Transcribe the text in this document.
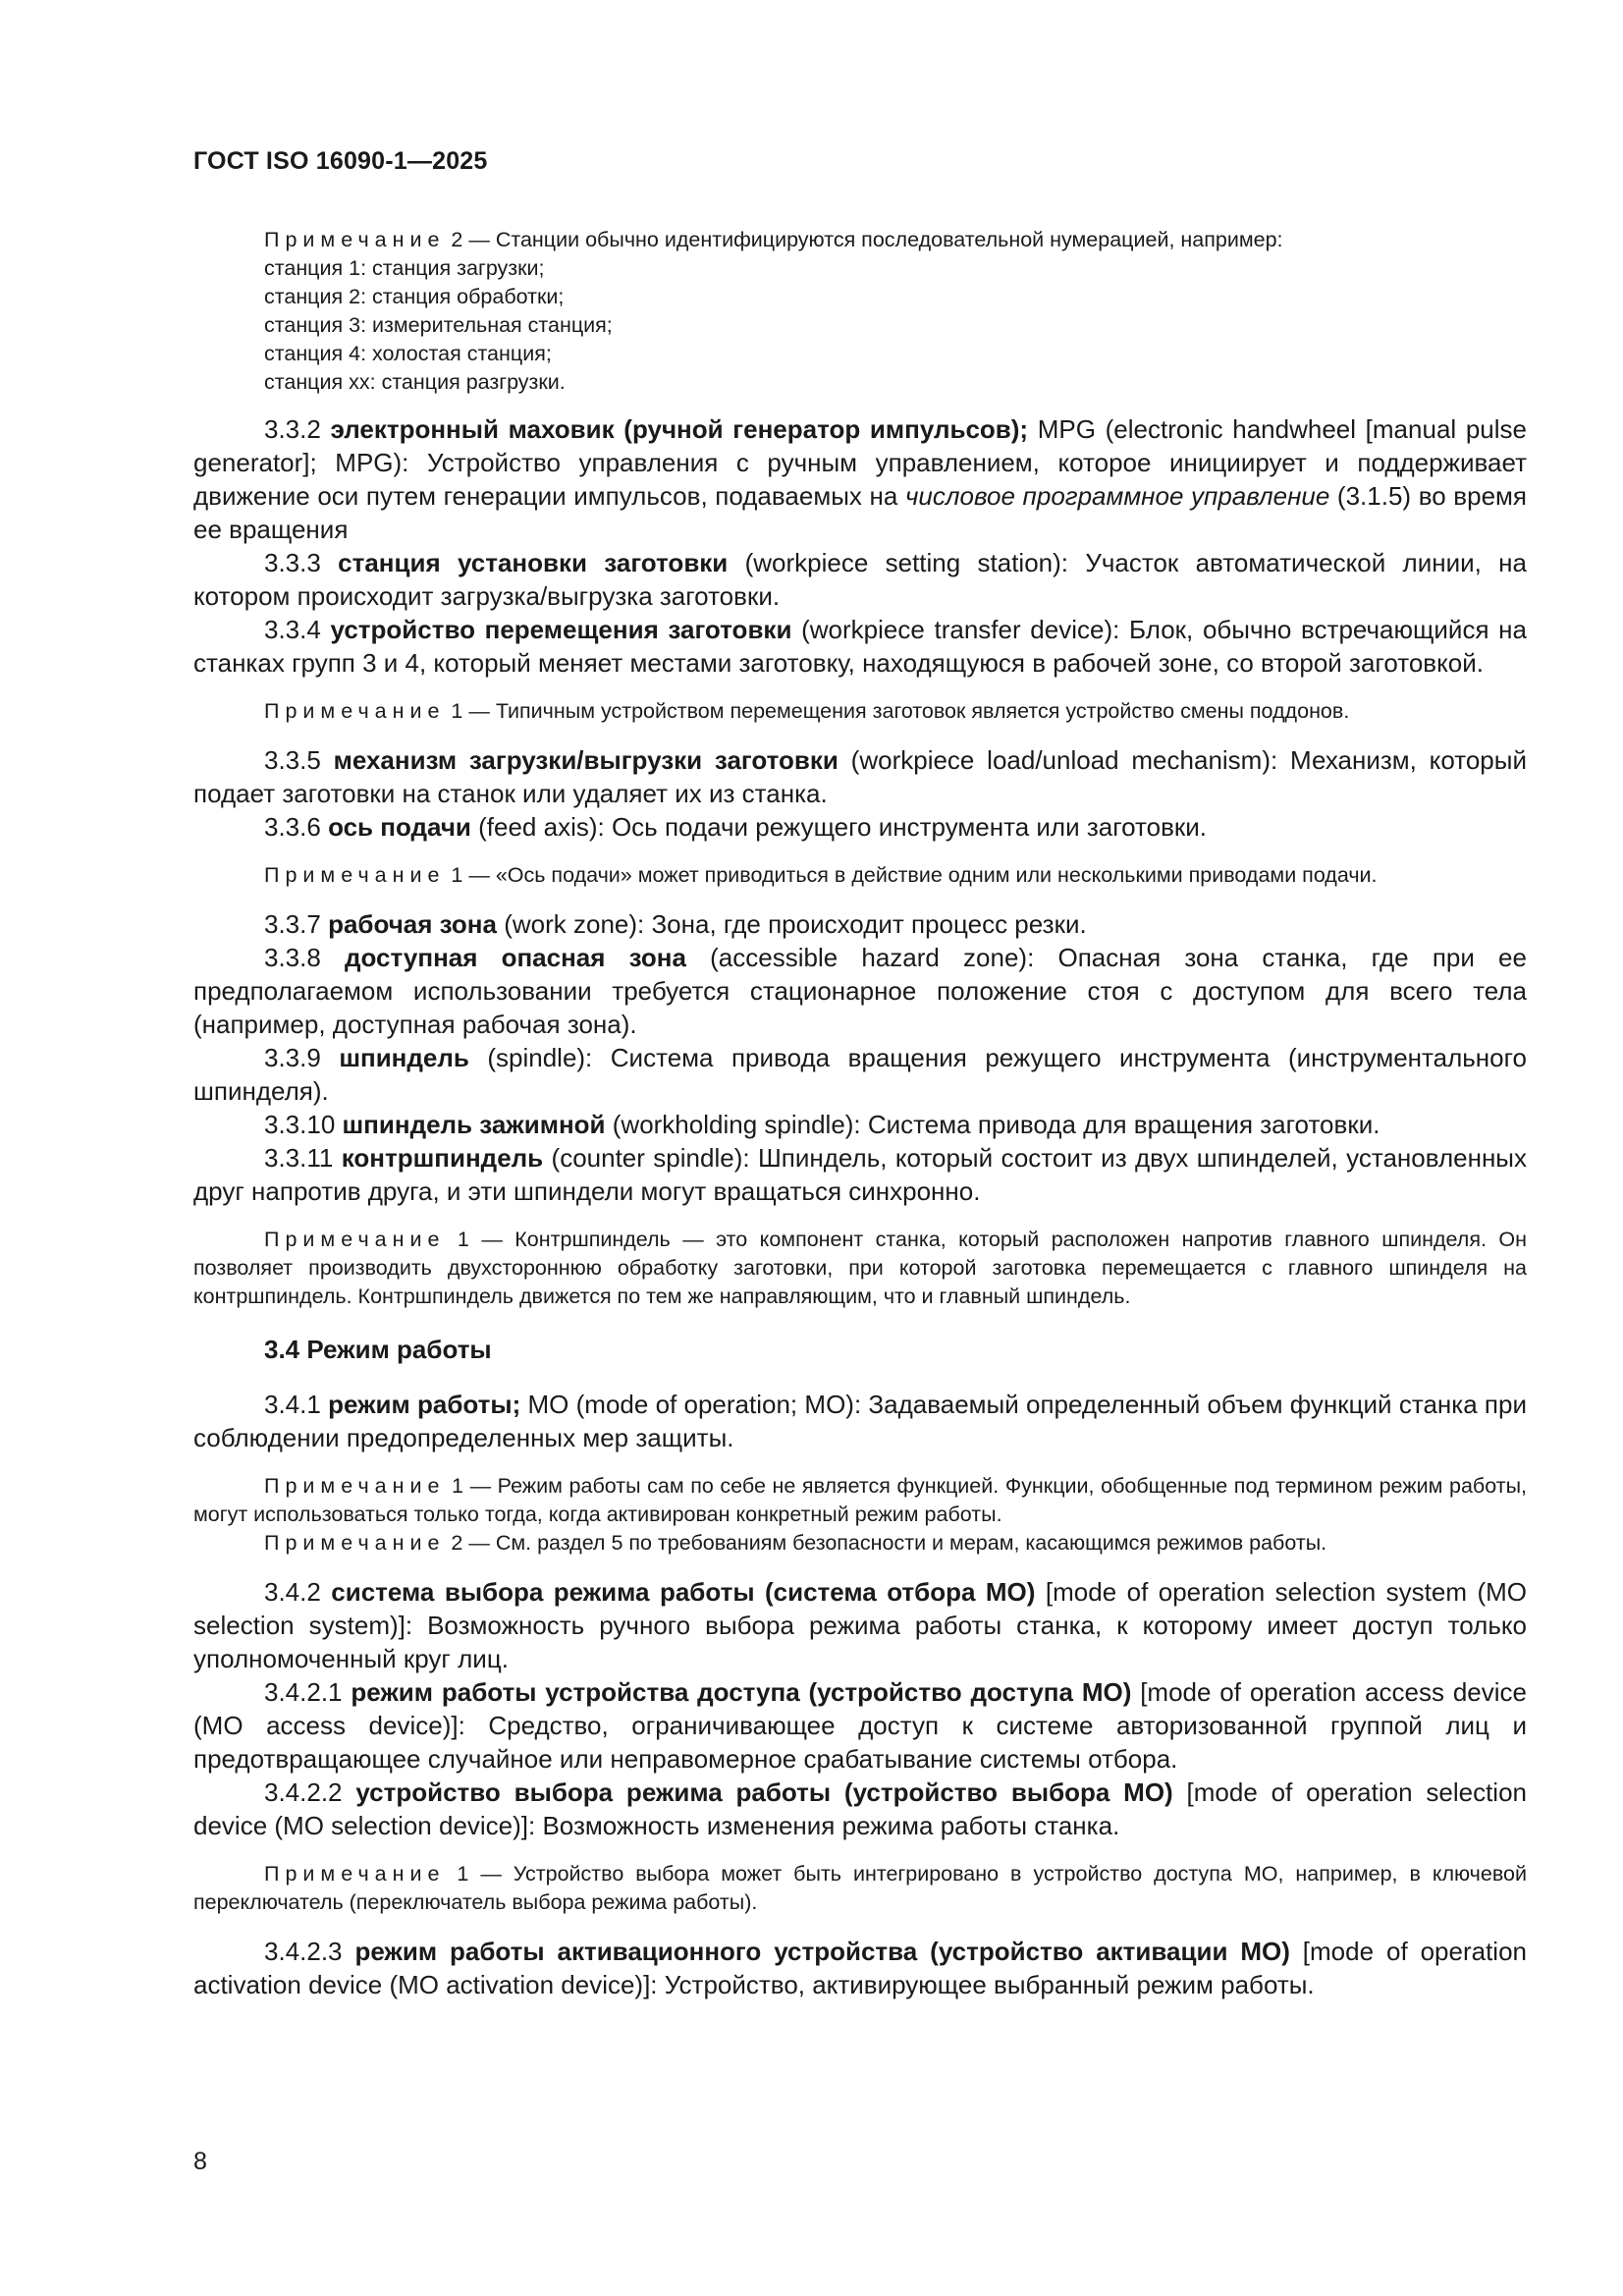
ГОСТ ISO 16090-1—2025
Примечание 2 — Станции обычно идентифицируются последовательной нумерацией, например:
станция 1: станция загрузки;
станция 2: станция обработки;
станция 3: измерительная станция;
станция 4: холостая станция;
станция хх: станция разгрузки.

3.3.2 электронный маховик (ручной генератор импульсов); MPG (electronic handwheel [manual pulse generator]; MPG): Устройство управления с ручным управлением, которое инициирует и поддерживает движение оси путем генерации импульсов, подаваемых на числовое программное управление (3.1.5) во время ее вращения

3.3.3 станция установки заготовки (workpiece setting station): Участок автоматической линии, на котором происходит загрузка/выгрузка заготовки.

3.3.4 устройство перемещения заготовки (workpiece transfer device): Блок, обычно встречающийся на станках групп 3 и 4, который меняет местами заготовку, находящуюся в рабочей зоне, со второй заготовкой.

Примечание 1 — Типичным устройством перемещения заготовок является устройство смены поддонов.

3.3.5 механизм загрузки/выгрузки заготовки (workpiece load/unload mechanism): Механизм, который подает заготовки на станок или удаляет их из станка.

3.3.6 ось подачи (feed axis): Ось подачи режущего инструмента или заготовки.

Примечание 1 — «Ось подачи» может приводиться в действие одним или несколькими приводами подачи.

3.3.7 рабочая зона (work zone): Зона, где происходит процесс резки.

3.3.8 доступная опасная зона (accessible hazard zone): Опасная зона станка, где при ее предполагаемом использовании требуется стационарное положение стоя с доступом для всего тела (например, доступная рабочая зона).

3.3.9 шпиндель (spindle): Система привода вращения режущего инструмента (инструментального шпинделя).

3.3.10 шпиндель зажимной (workholding spindle): Система привода для вращения заготовки.

3.3.11 контршпиндель (counter spindle): Шпиндель, который состоит из двух шпинделей, установленных друг напротив друга, и эти шпиндели могут вращаться синхронно.

Примечание 1 — Контршпиндель — это компонент станка, который расположен напротив главного шпинделя. Он позволяет производить двухстороннюю обработку заготовки, при которой заготовка перемещается с главного шпинделя на контршпиндель. Контршпиндель движется по тем же направляющим, что и главный шпиндель.

3.4 Режим работы

3.4.1 режим работы; МО (mode of operation; МО): Задаваемый определенный объем функций станка при соблюдении предопределенных мер защиты.

Примечание 1 — Режим работы сам по себе не является функцией. Функции, обобщенные под термином режим работы, могут использоваться только тогда, когда активирован конкретный режим работы.

Примечание 2 — См. раздел 5 по требованиям безопасности и мерам, касающимся режимов работы.

3.4.2 система выбора режима работы (система отбора МО) [mode of operation selection system (MO selection system)]: Возможность ручного выбора режима работы станка, к которому имеет доступ только уполномоченный круг лиц.

3.4.2.1 режим работы устройства доступа (устройство доступа МО) [mode of operation access device (MO access device)]: Средство, ограничивающее доступ к системе авторизованной группой лиц и предотвращающее случайное или неправомерное срабатывание системы отбора.

3.4.2.2 устройство выбора режима работы (устройство выбора МО) [mode of operation selection device (MO selection device)]: Возможность изменения режима работы станка.

Примечание 1 — Устройство выбора может быть интегрировано в устройство доступа МО, например, в ключевой переключатель (переключатель выбора режима работы).

3.4.2.3 режим работы активационного устройства (устройство активации МО) [mode of operation activation device (MO activation device)]: Устройство, активирующее выбранный режим работы.

8
